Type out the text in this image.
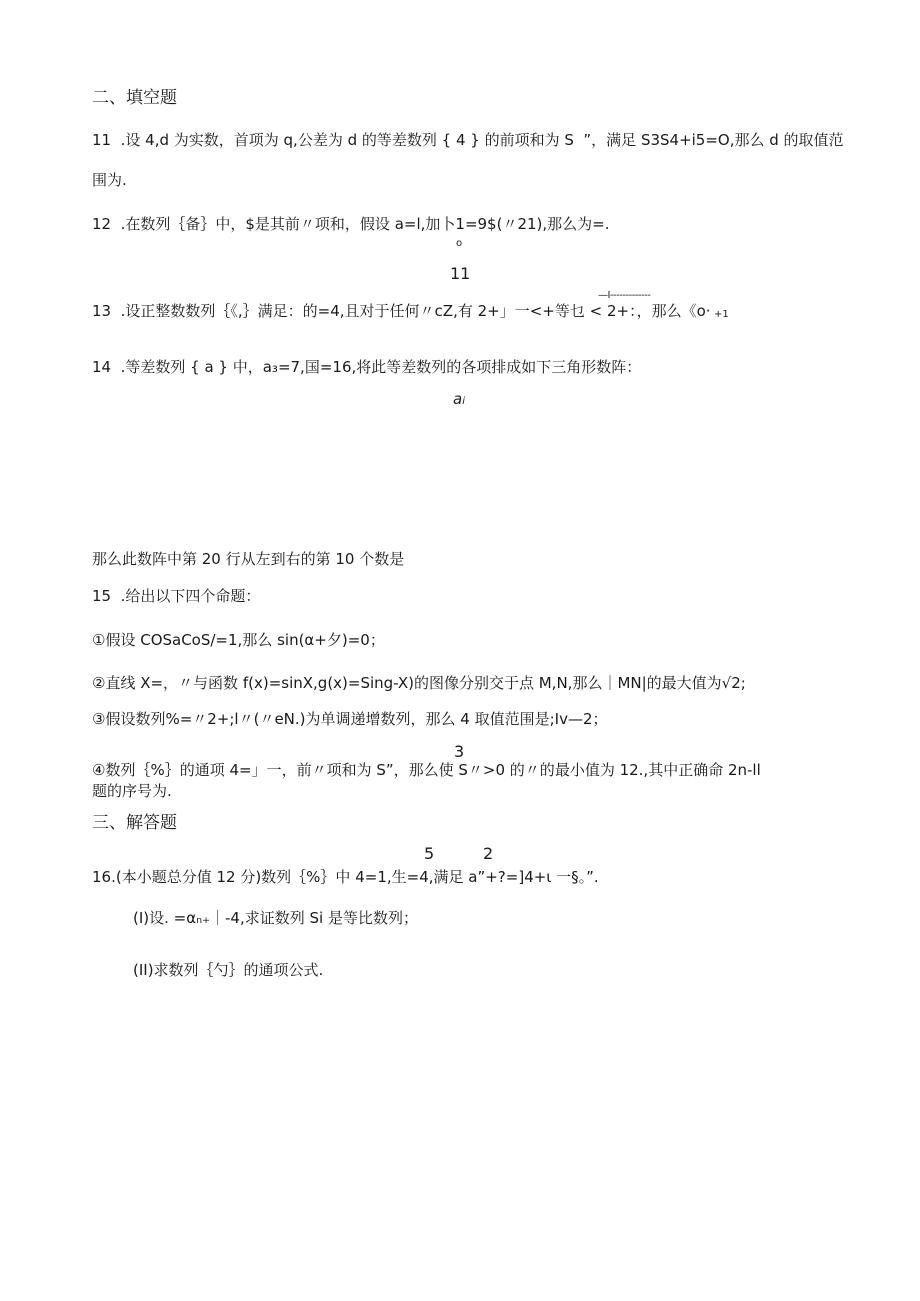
二、填空题
11  .设 4,d 为实数，首项为 q,公差为 d 的等差数列 { 4 } 的前项和为 S  ”，满足 S3S4+i5=O,那么 d 的取值范
围为.
12  .在数列｛备｝中，$是其前〃项和，假设 a=l,加卜1=9$(〃21),那么为=.
o
11
—I-------------
13  .设正整数数列｛《,｝满足：的=4,且对于任何〃cZ,有 2+」一<+等乜 < 2+：，那么《o· +1
14  .等差数列 { a } 中，a₃=7,国=16,将此等差数列的各项排成如下三角形数阵：
ai
那么此数阵中第 20 行从左到右的第 10 个数是
15  .给出以下四个命题：
①假设 COSaCoS/=1,那么 sin(α+夕)=0；
②直线 X=，〃与函数 f(x)=sinX,g(x)=Sing-X)的图像分别交于点 M,N,那么｜MN|的最大值为√2;
③假设数列%=〃2+;l〃(〃eN.)为单调递增数列，那么 4 取值范围是;Iv—2；
3
④数列｛%｝的通项 4=」一，前〃项和为 S”，那么使 S〃>0 的〃的最小值为 12.,其中正确命 2n-ll
题的序号为.
三、解答题
5	2
16.(本小题总分值 12 分)数列｛%｝中 4=1,生=4,满足 a”+?=]4+ι 一§。”.
(I)设. =αₙ₊｜-4,求证数列 Si 是等比数列；
(II)求数列｛勺｝的通项公式.
